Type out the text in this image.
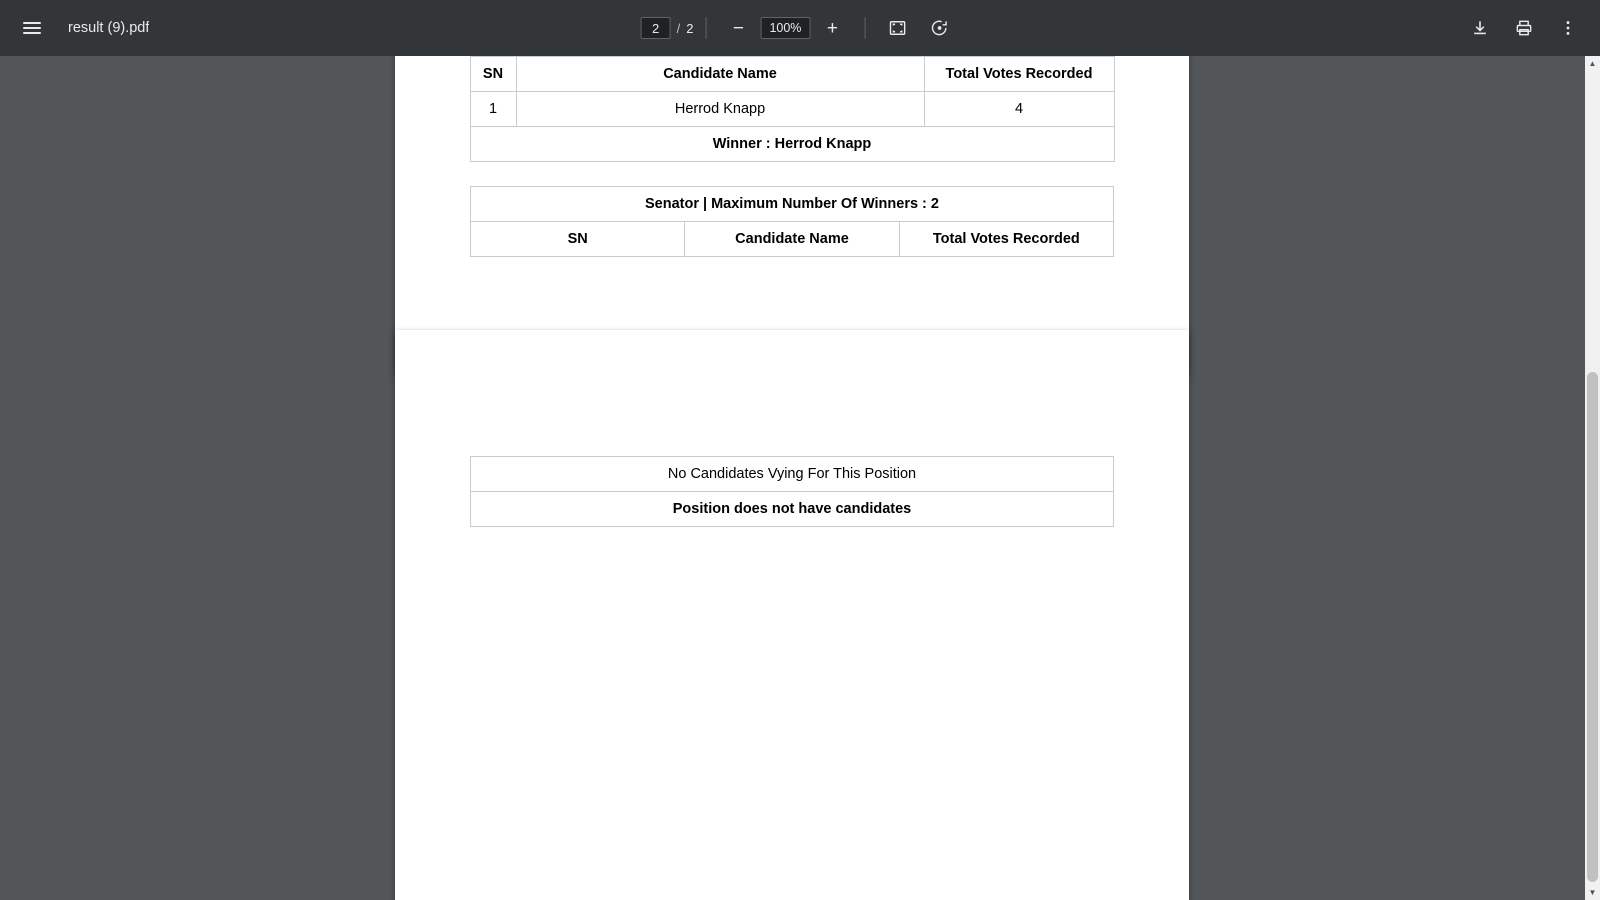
result (9).pdf
2	/ 2 −	100%	+
SN	Candidate Name	Total Votes Recorded
1	Herrod Knapp	4
Winner : Herrod Knapp		
Senator | Maximum Number Of Winners : 2
SN	Candidate Name	Total Votes Recorded
No Candidates Vying For This Position
Position does not have candidates
▲
▼
